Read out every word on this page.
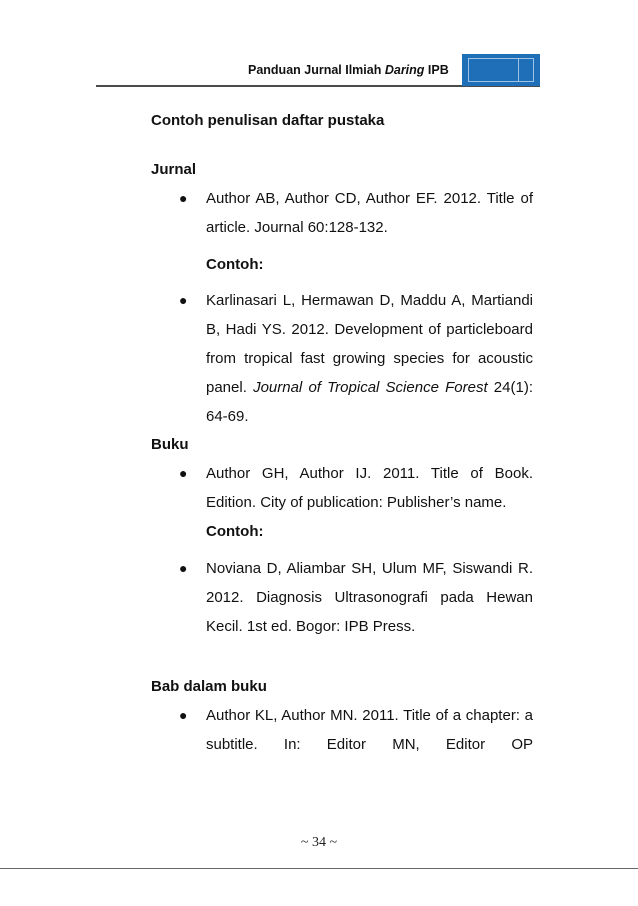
Panduan Jurnal Ilmiah Daring IPB
Contoh penulisan daftar pustaka
Jurnal
● Author AB, Author CD, Author EF. 2012. Title of article. Journal 60:128-132.

Contoh:
● Karlinasari L, Hermawan D, Maddu A, Martiandi B, Hadi YS. 2012. Development of particleboard from tropical fast growing species for acoustic panel. Journal of Tropical Science Forest 24(1): 64-69.

Buku
● Author GH, Author IJ. 2011. Title of Book. Edition. City of publication: Publisher’s name.

Contoh:
● Noviana D, Aliambar SH, Ulum MF, Siswandi R. 2012. Diagnosis Ultrasonografi pada Hewan Kecil. 1st ed. Bogor: IPB Press.

Bab dalam buku
● Author KL, Author MN. 2011. Title of a chapter: a subtitle. In: Editor MN, Editor OP

~ 34 ~
